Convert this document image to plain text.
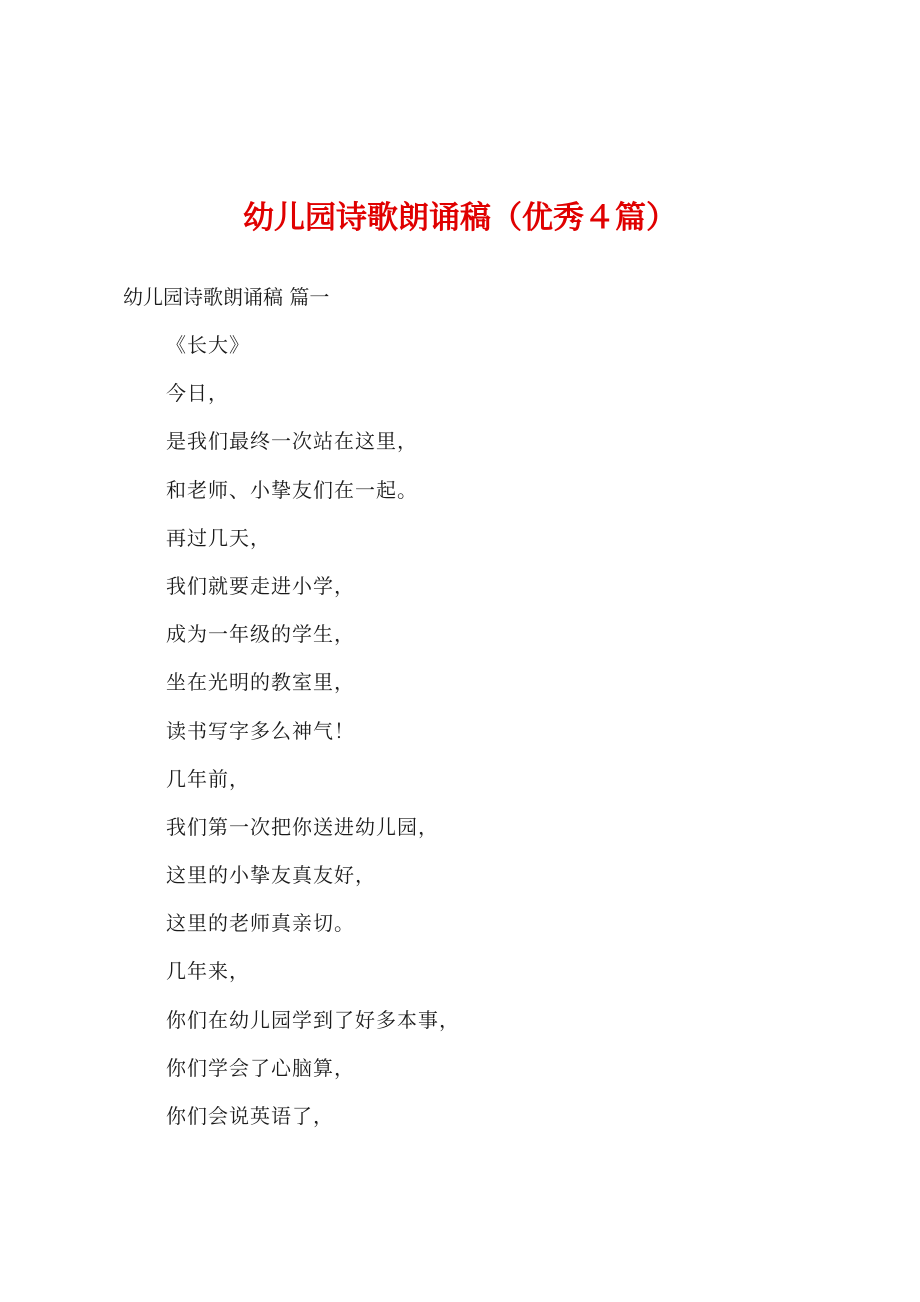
幼儿园诗歌朗诵稿（优秀４篇）

幼儿园诗歌朗诵稿 篇一

《长大》
今日，
是我们最终一次站在这里，
和老师、小挚友们在一起。
再过几天，
我们就要走进小学，
成为一年级的学生，
坐在光明的教室里，
读书写字多么神气！
几年前，
我们第一次把你送进幼儿园，
这里的小挚友真友好，
这里的老师真亲切。
几年来，
你们在幼儿园学到了好多本事，
你们学会了心脑算，
你们会说英语了，
